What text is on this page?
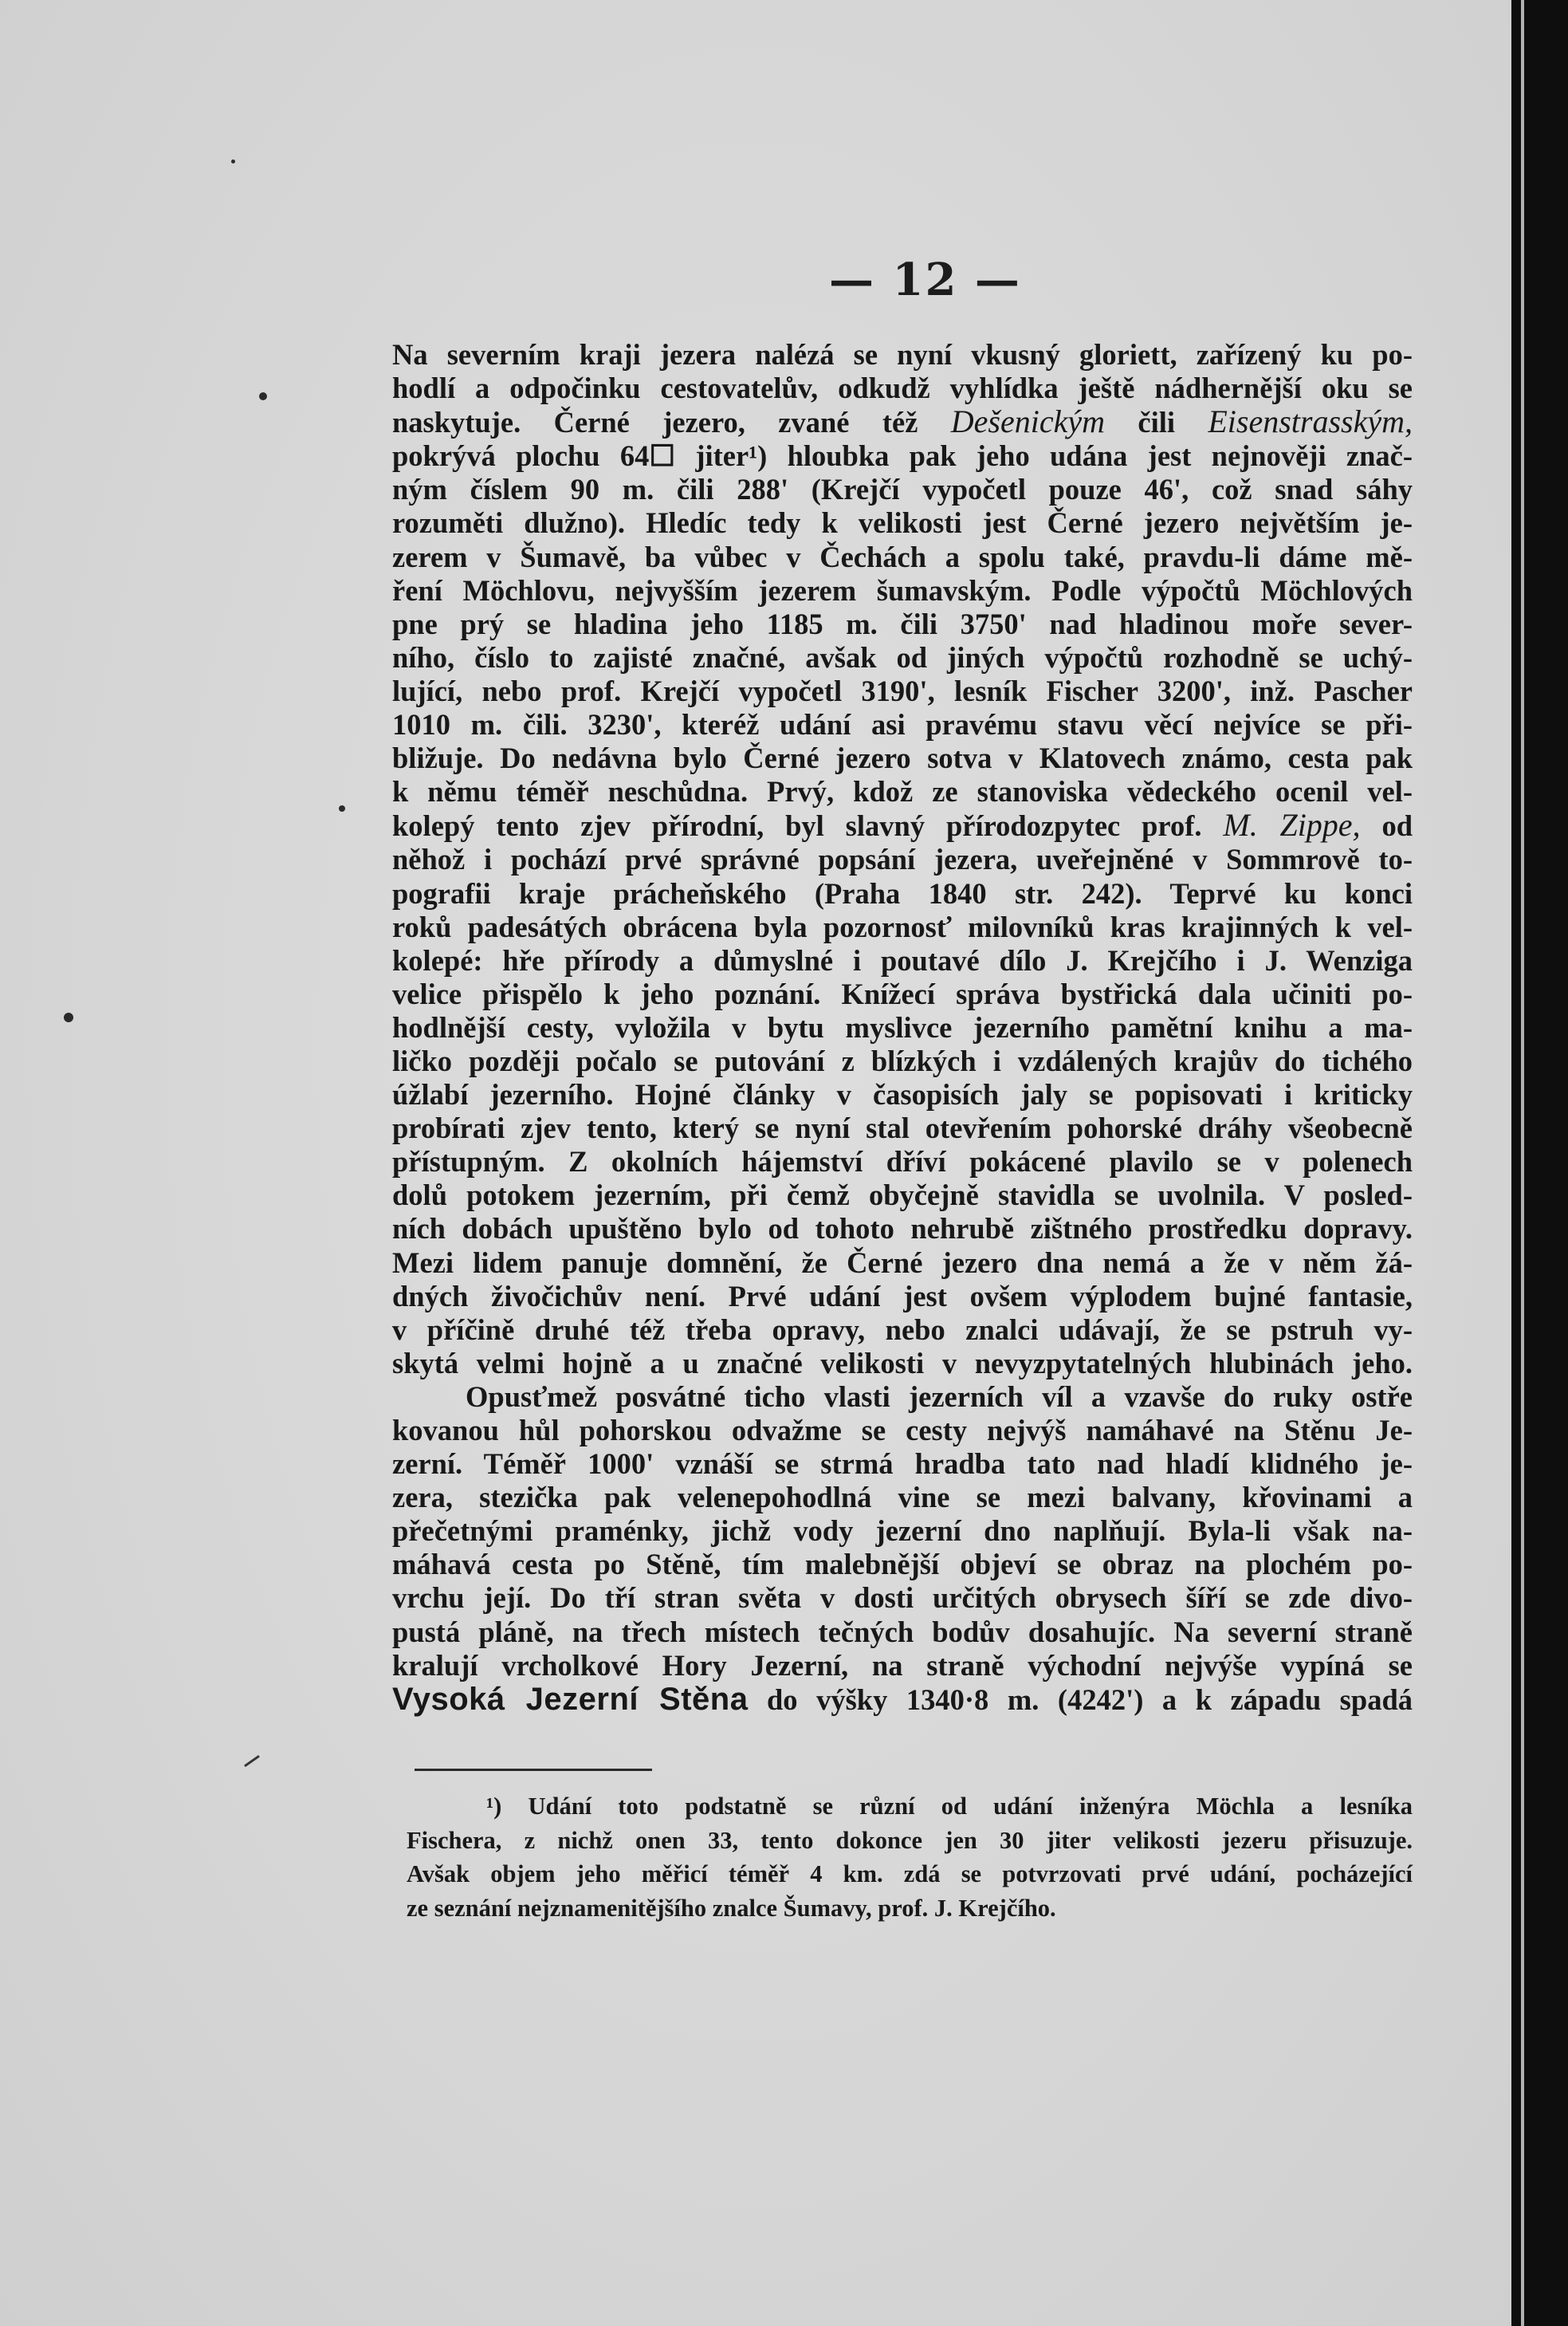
— 12 —
Na severním kraji jezera nalézá se nyní vkusný gloriett, zařízený ku po-
hodlí a odpočinku cestovatelův, odkudž vyhlídka ještě nádhernější oku se
naskytuje. Černé jezero, zvané též Dešenickým čili Eisenstrasským,
pokrývá plochu 64☐ jiter¹) hloubka pak jeho udána jest nejnověji znač-
ným číslem 90 m. čili 288' (Krejčí vypočetl pouze 46', což snad sáhy
rozuměti dlužno). Hledíc tedy k velikosti jest Černé jezero největším je-
zerem v Šumavě, ba vůbec v Čechách a spolu také, pravdu-li dáme mě-
ření Möchlovu, nejvyšším jezerem šumavským. Podle výpočtů Möchlových
pne prý se hladina jeho 1185 m. čili 3750' nad hladinou moře sever-
ního, číslo to zajisté značné, avšak od jiných výpočtů rozhodně se uchý-
lující, nebo prof. Krejčí vypočetl 3190', lesník Fischer 3200', inž. Pascher
1010 m. čili. 3230', kteréž udání asi pravému stavu věcí nejvíce se při-
bližuje. Do nedávna bylo Černé jezero sotva v Klatovech známo, cesta pak
k němu téměř neschůdna. Prvý, kdož ze stanoviska vědeckého ocenil vel-
kolepý tento zjev přírodní, byl slavný přírodozpytec prof. M. Zippe, od
něhož i pochází prvé správné popsání jezera, uveřejněné v Sommrově to-
pografii kraje prácheňského (Praha 1840 str. 242). Teprvé ku konci
roků padesátých obrácena byla pozornosť milovníků kras krajinných k vel-
kolepé: hře přírody a důmyslné i poutavé dílo J. Krejčího i J. Wenziga
velice přispělo k jeho poznání. Knížecí správa bystřická dala učiniti po-
hodlnější cesty, vyložila v bytu myslivce jezerního pamětní knihu a ma-
ličko později počalo se putování z blízkých i vzdálených krajův do tichého
úžlabí jezerního. Hojné články v časopisích jaly se popisovati i kriticky
probírati zjev tento, který se nyní stal otevřením pohorské dráhy všeobecně
přístupným. Z okolních hájemství dříví pokácené plavilo se v polenech
dolů potokem jezerním, při čemž obyčejně stavidla se uvolnila. V posled-
ních dobách upuštěno bylo od tohoto nehrubě zištného prostředku dopravy.
Mezi lidem panuje domnění, že Černé jezero dna nemá a že v něm žá-
dných živočichův není. Prvé udání jest ovšem výplodem bujné fantasie,
v příčině druhé též třeba opravy, nebo znalci udávají, že se pstruh vy-
skytá velmi hojně a u značné velikosti v nevyzpytatelných hlubinách jeho.
Opusťmež posvátné ticho vlasti jezerních víl a vzavše do ruky ostře
kovanou hůl pohorskou odvažme se cesty nejvýš namáhavé na Stěnu Je-
zerní. Téměř 1000' vznáší se strmá hradba tato nad hladí klidného je-
zera, stezička pak velenepohodlná vine se mezi balvany, křovinami a
přečetnými praménky, jichž vody jezerní dno naplňují. Byla-li však na-
máhavá cesta po Stěně, tím malebnější objeví se obraz na plochém po-
vrchu její. Do tří stran světa v dosti určitých obrysech šíří se zde divo-
pustá pláně, na třech místech tečných bodův dosahujíc. Na severní straně
kralují vrcholkové Hory Jezerní, na straně východní nejvýše vypíná se
Vysoká Jezerní Stěna do výšky 1340·8 m. (4242') a k západu spadá
¹) Udání toto podstatně se různí od udání inženýra Möchla a lesníka
Fischera, z nichž onen 33, tento dokonce jen 30 jiter velikosti jezeru přisuzuje.
Avšak objem jeho měřicí téměř 4 km. zdá se potvrzovati prvé udání, pocházející
ze seznání nejznamenitějšího znalce Šumavy, prof. J. Krejčího.
